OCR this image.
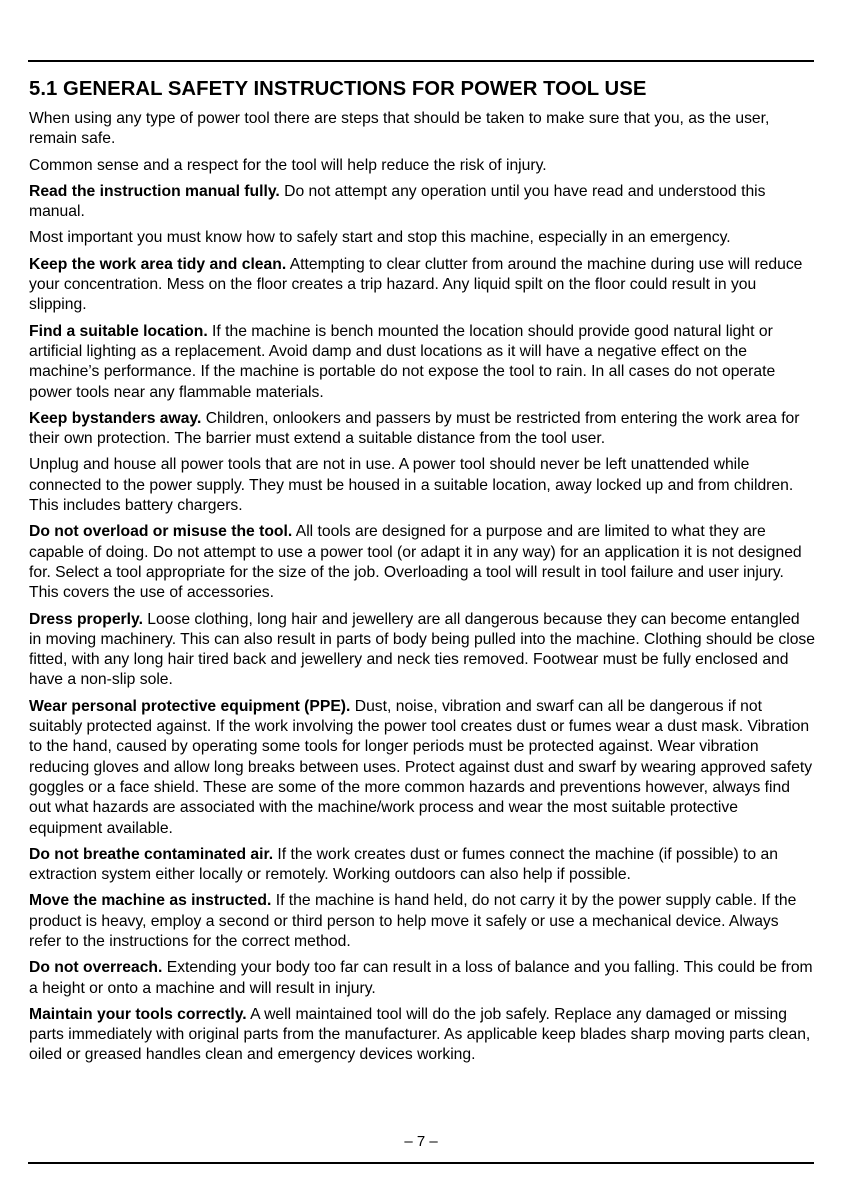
5.1 GENERAL SAFETY INSTRUCTIONS FOR POWER TOOL USE

When using any type of power tool there are steps that should be taken to make sure that you, as the user, remain safe.

Common sense and a respect for the tool will help reduce the risk of injury.

Read the instruction manual fully. Do not attempt any operation until you have read and understood this manual.

Most important you must know how to safely start and stop this machine, especially in an emergency.

Keep the work area tidy and clean. Attempting to clear clutter from around the machine during use will reduce your concentration. Mess on the floor creates a trip hazard. Any liquid spilt on the floor could result in you slipping.

Find a suitable location. If the machine is bench mounted the location should provide good natural light or artificial lighting as a replacement. Avoid damp and dust locations as it will have a negative effect on the machine’s performance. If the machine is portable do not expose the tool to rain. In all cases do not operate power tools near any flammable materials.

Keep bystanders away. Children, onlookers and passers by must be restricted from entering the work area for their own protection. The barrier must extend a suitable distance from the tool user.

Unplug and house all power tools that are not in use. A power tool should never be left unattended while connected to the power supply. They must be housed in a suitable location, away locked up and from children. This includes battery chargers.

Do not overload or misuse the tool. All tools are designed for a purpose and are limited to what they are capable of doing. Do not attempt to use a power tool (or adapt it in any way) for an application it is not designed for. Select a tool appropriate for the size of the job. Overloading a tool will result in tool failure and user injury. This covers the use of accessories.

Dress properly. Loose clothing, long hair and jewellery are all dangerous because they can become entangled in moving machinery. This can also result in parts of body being pulled into the machine. Clothing should be close fitted, with any long hair tired back and jewellery and neck ties removed. Footwear must be fully enclosed and have a non-slip sole.

Wear personal protective equipment (PPE). Dust, noise, vibration and swarf can all be dangerous if not suitably protected against. If the work involving the power tool creates dust or fumes wear a dust mask. Vibration to the hand, caused by operating some tools for longer periods must be protected against. Wear vibration reducing gloves and allow long breaks between uses. Protect against dust and swarf by wearing approved safety goggles or a face shield. These are some of the more common hazards and preventions however, always find out what hazards are associated with the machine/work process and wear the most suitable protective equipment available.

Do not breathe contaminated air. If the work creates dust or fumes connect the machine (if possible) to an extraction system either locally or remotely. Working outdoors can also help if possible.

Move the machine as instructed. If the machine is hand held, do not carry it by the power supply cable. If the product is heavy, employ a second or third person to help move it safely or use a mechanical device. Always refer to the instructions for the correct method.

Do not overreach. Extending your body too far can result in a loss of balance and you falling. This could be from a height or onto a machine and will result in injury.

Maintain your tools correctly. A well maintained tool will do the job safely. Replace any damaged or missing parts immediately with original parts from the manufacturer. As applicable keep blades sharp moving parts clean, oiled or greased handles clean and emergency devices working.

– 7 –
